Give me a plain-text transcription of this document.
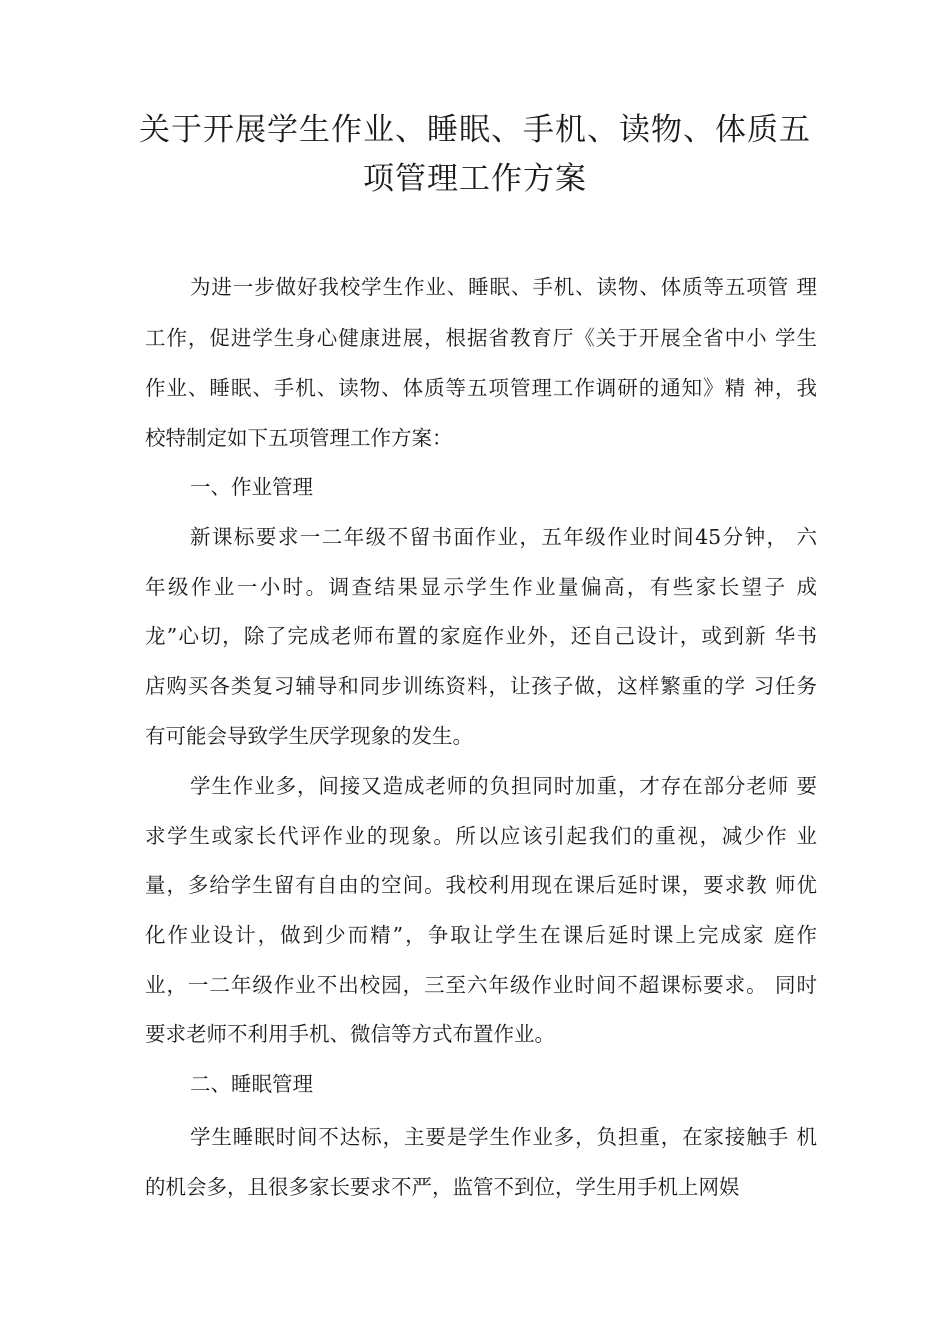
关于开展学生作业、睡眠、手机、读物、体质五
项管理工作方案

为进一步做好我校学生作业、睡眠、手机、读物、体质等五项管 理

工作，促进学生身心健康进展，根据省教育厅《关于开展全省中小 学生

作业、睡眠、手机、读物、体质等五项管理工作调研的通知》精 神，我

校特制定如下五项管理工作方案：

一、作业管理

新课标要求一二年级不留书面作业，五年级作业时间45分钟， 六

年级作业一小时。调查结果显示学生作业量偏高，有些家长望子 成

龙”心切，除了完成老师布置的家庭作业外，还自己设计，或到新 华书

店购买各类复习辅导和同步训练资料，让孩子做，这样繁重的学 习任务

有可能会导致学生厌学现象的发生。

学生作业多，间接又造成老师的负担同时加重，才存在部分老师 要

求学生或家长代评作业的现象。所以应该引起我们的重视，减少作 业

量，多给学生留有自由的空间。我校利用现在课后延时课，要求教 师优

化作业设计，做到少而精”，争取让学生在课后延时课上完成家 庭作

业，一二年级作业不出校园，三至六年级作业时间不超课标要求。 同时

要求老师不利用手机、微信等方式布置作业。

二、睡眠管理

学生睡眠时间不达标，主要是学生作业多，负担重，在家接触手 机

的机会多，且很多家长要求不严，监管不到位，学生用手机上网娱
